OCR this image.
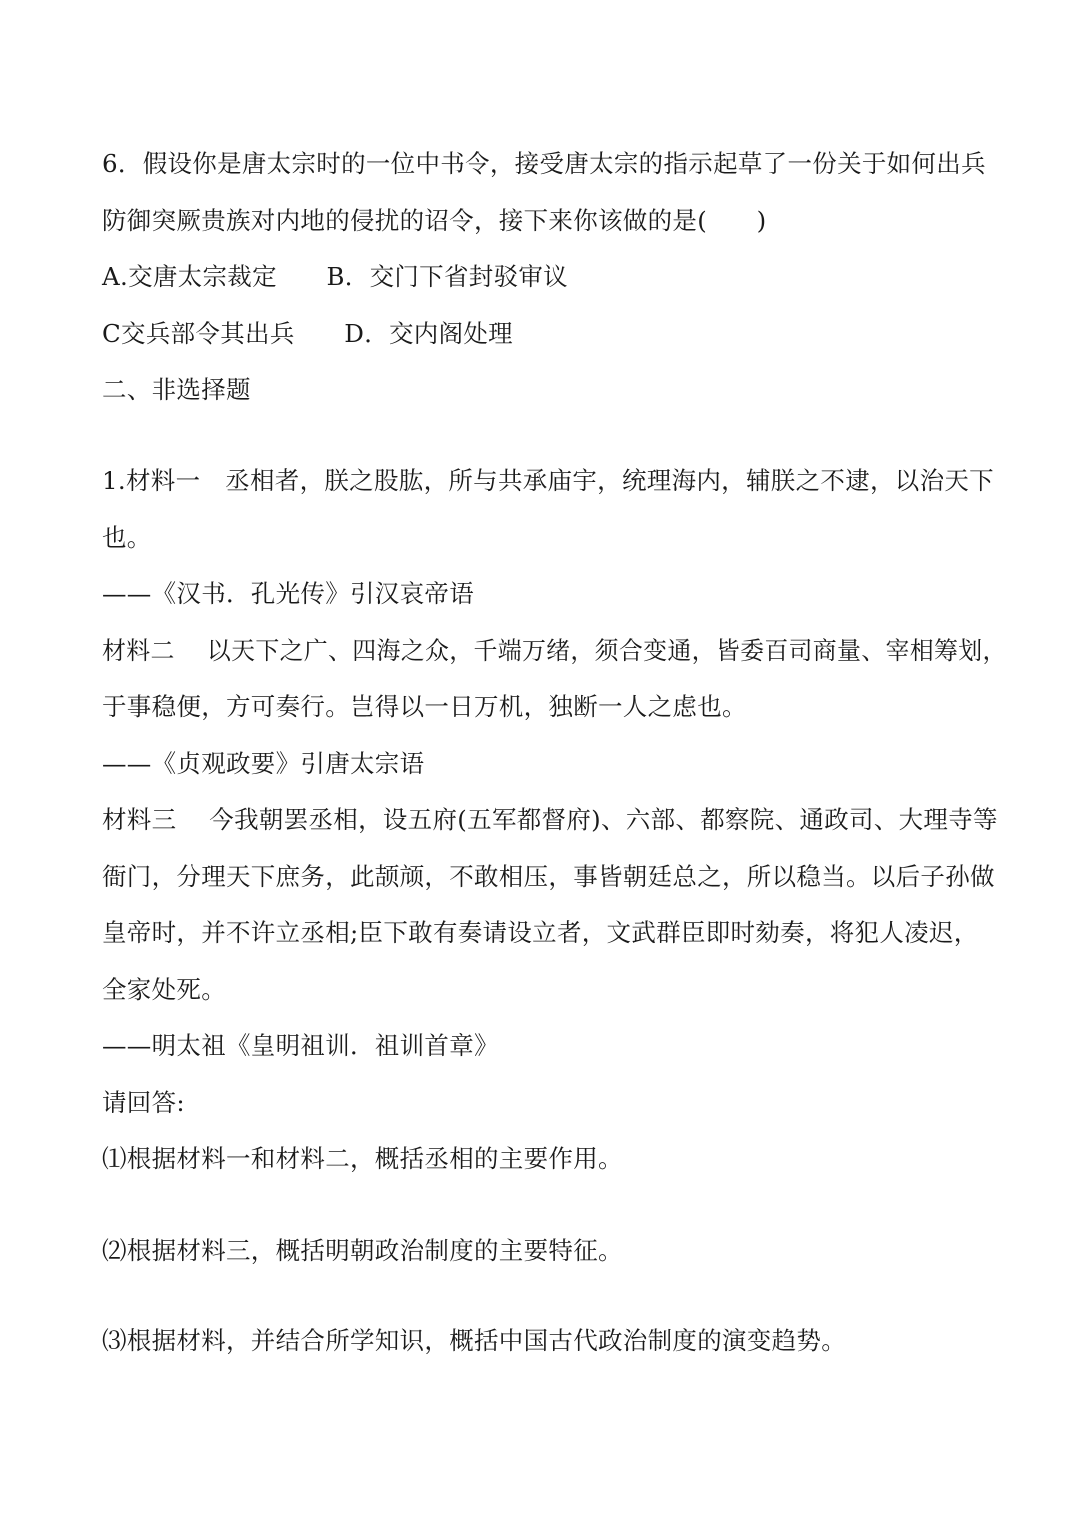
6．假设你是唐太宗时的一位中书令，接受唐太宗的指示起草了一份关于如何出兵
防御突厥贵族对内地的侵扰的诏令，接下来你该做的是(　　)
A.交唐太宗裁定　　B．交门下省封驳审议
C交兵部令其出兵　　D．交内阁处理
二、非选择题
1.材料一　丞相者，朕之股肱，所与共承庙宇，统理海内，辅朕之不逮，以治天下
也。
——《汉书．孔光传》引汉哀帝语
材料二　 以天下之广、四海之众，千端万绪，须合变通，皆委百司商量、宰相筹划，
于事稳便，方可奏行。岂得以一日万机，独断一人之虑也。
——《贞观政要》引唐太宗语
材料三　 今我朝罢丞相，设五府(五军都督府)、六部、都察院、通政司、大理寺等
衙门，分理天下庶务，此颉颃，不敢相压，事皆朝廷总之，所以稳当。以后子孙做
皇帝时，并不许立丞相;臣下敢有奏请设立者，文武群臣即时劾奏，将犯人凌迟，
全家处死。
——明太祖《皇明祖训．祖训首章》
请回答:
⑴根据材料一和材料二，概括丞相的主要作用。
⑵根据材料三，概括明朝政治制度的主要特征。
⑶根据材料，并结合所学知识，概括中国古代政治制度的演变趋势。
